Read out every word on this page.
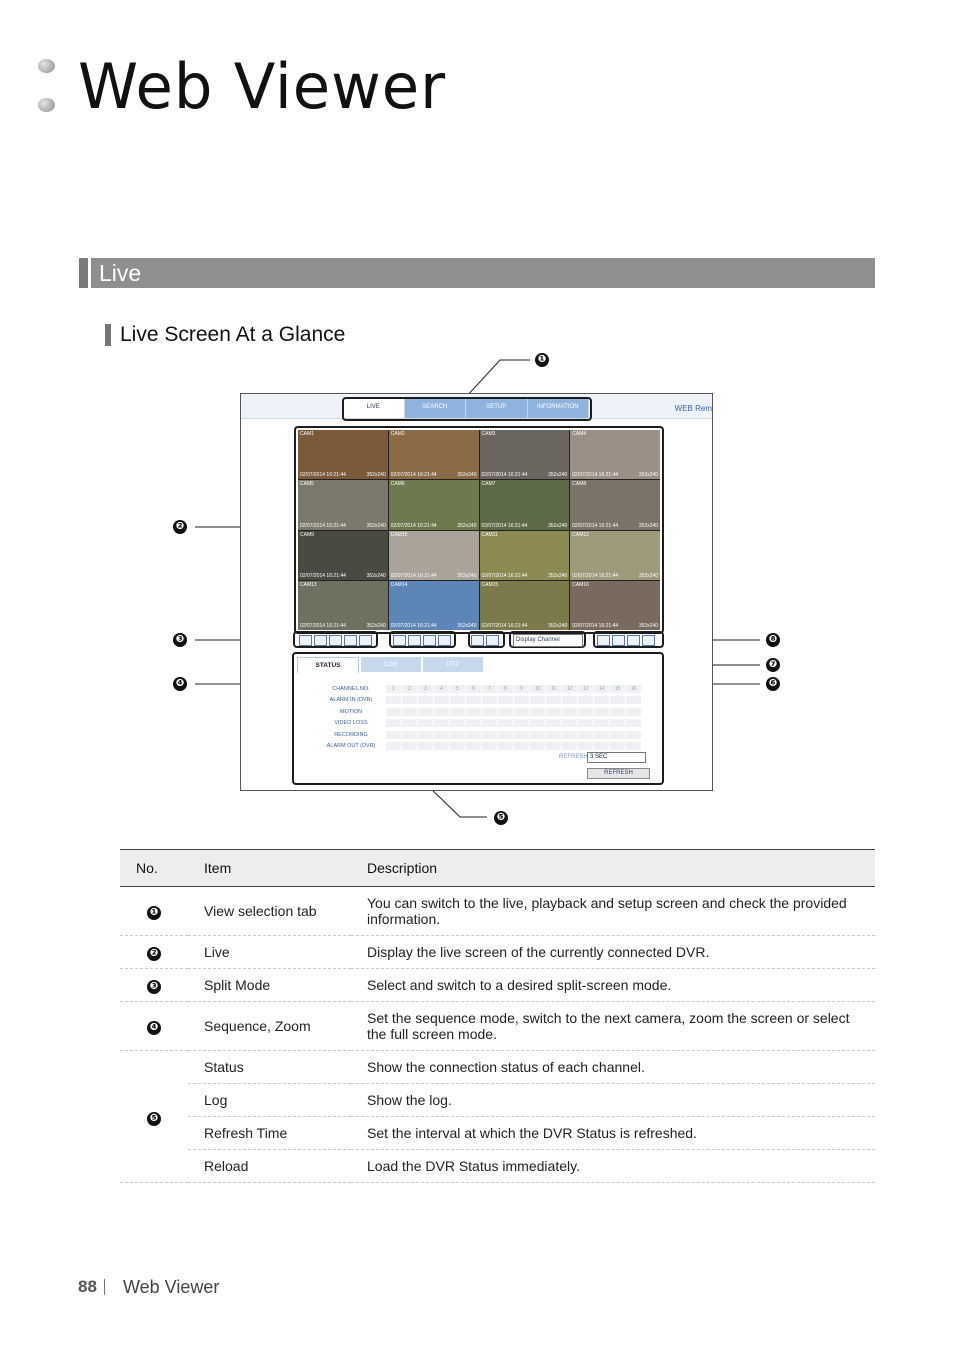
Web Viewer
Live
Live Screen At a Glance
❶
❷
❸
❹
❺
❻
❼
❽
LIVE	SEARCH	SETUP	INFORMATION	WEB Rem
CAM1
02/07/2014 16:21:44	352x240
CAM2
02/07/2014 16:21:44	352x240
CAM3
02/07/2014 16:21:44	352x240
CAM4
02/07/2014 16:21:44	352x240
CAM5
02/07/2014 16:21:44	352x240
CAM6
02/07/2014 16:21:44	352x240
CAM7
02/07/2014 16:21:44	352x240
CAM8
02/07/2014 16:21:44	352x240
CAM9
02/07/2014 16:21:44	352x240
CAM10
02/07/2014 16:21:44	352x240
CAM11
02/07/2014 16:21:44	352x240
CAM12
02/07/2014 16:21:44	352x240
CAM13
02/07/2014 16:21:44	352x240
CAM14
02/07/2014 16:21:44	352x240
CAM15
02/07/2014 16:21:44	352x240
CAM16
02/07/2014 16:21:44	352x240
Display Channel
STATUS	LOG	PTZ
CHANNEL NO.	1	2	3	4	5	6	7	8	9	10	11	12	13	14	15	16
ALARM IN (DVR)
MOTION
VIDEO LOSS
RECORDING
ALARM OUT (DVR)
REFRESH 3 SEC
REFRESH
No.	Item	Description
❶	View selection tab	You can switch to the live, playback and setup screen and check the provided information.
❷	Live	Display the live screen of the currently connected DVR.
❸	Split Mode	Select and switch to a desired split-screen mode.
❹	Sequence, Zoom	Set the sequence mode, switch to the next camera, zoom the screen or select the full screen mode.
❺	Status	Show the connection status of each channel.
	Log	Show the log.
	Refresh Time	Set the interval at which the DVR Status is refreshed.
	Reload	Load the DVR Status immediately.
88 Web Viewer
